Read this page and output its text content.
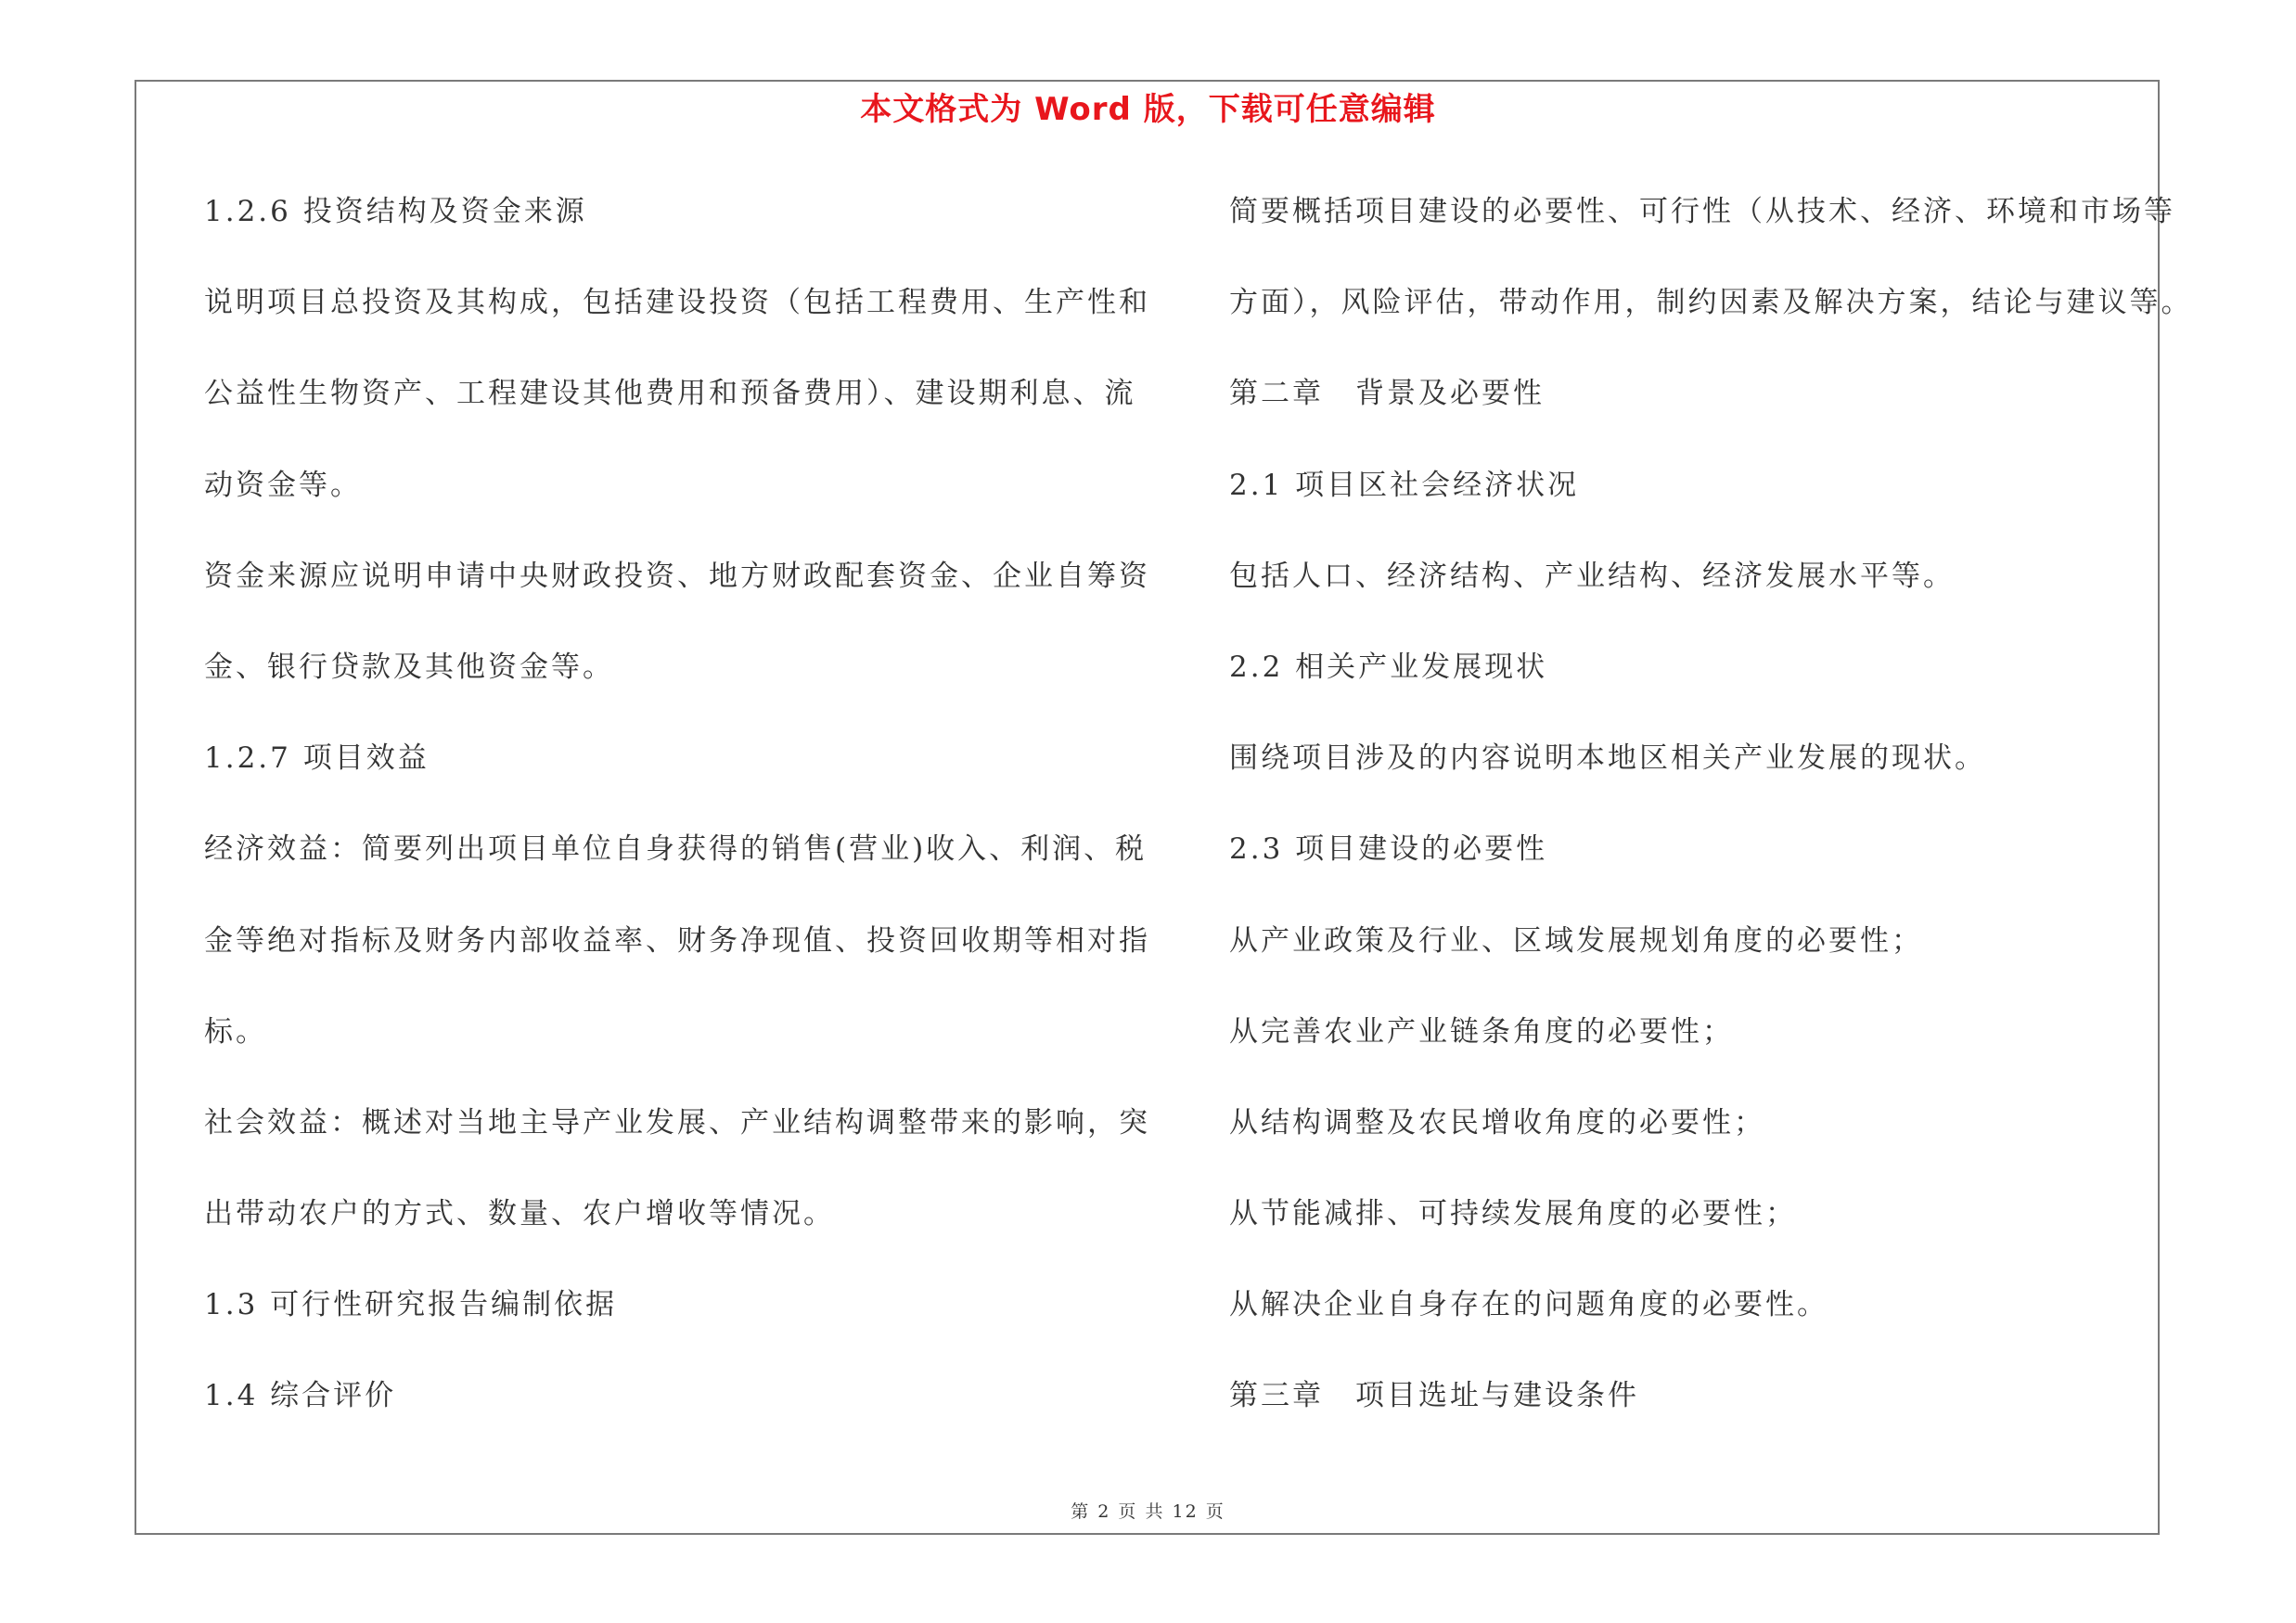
本文格式为 Word 版，下载可任意编辑
1.2.6 投资结构及资金来源
说明项目总投资及其构成，包括建设投资（包括工程费用、生产性和
公益性生物资产、工程建设其他费用和预备费用）、建设期利息、流
动资金等。
资金来源应说明申请中央财政投资、地方财政配套资金、企业自筹资
金、银行贷款及其他资金等。
1.2.7 项目效益
经济效益：简要列出项目单位自身获得的销售(营业)收入、利润、税
金等绝对指标及财务内部收益率、财务净现值、投资回收期等相对指
标。
社会效益：概述对当地主导产业发展、产业结构调整带来的影响，突
出带动农户的方式、数量、农户增收等情况。
1.3 可行性研究报告编制依据
1.4 综合评价
简要概括项目建设的必要性、可行性（从技术、经济、环境和市场等
方面），风险评估，带动作用，制约因素及解决方案，结论与建议等。
第二章　背景及必要性
2.1 项目区社会经济状况
包括人口、经济结构、产业结构、经济发展水平等。
2.2 相关产业发展现状
围绕项目涉及的内容说明本地区相关产业发展的现状。
2.3 项目建设的必要性
从产业政策及行业、区域发展规划角度的必要性；
从完善农业产业链条角度的必要性；
从结构调整及农民增收角度的必要性；
从节能减排、可持续发展角度的必要性；
从解决企业自身存在的问题角度的必要性。
第三章　项目选址与建设条件
第 2 页 共 12 页
